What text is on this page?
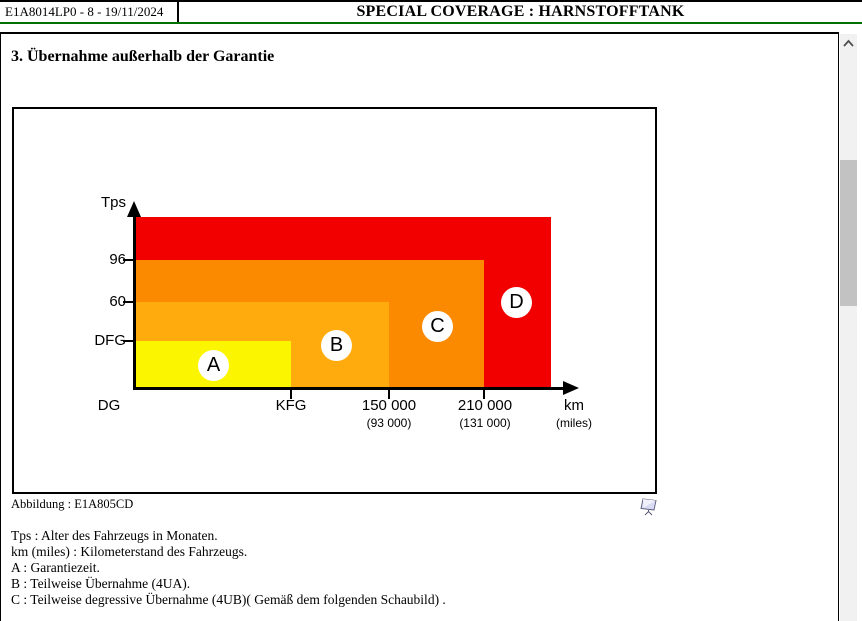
E1A8014LP0 - 8 - 19/11/2024	SPECIAL COVERAGE : HARNSTOFFTANK
3. Übernahme außerhalb der Garantie
Tps
96
60
DFG
DG	KFG	150 000
(93 000)
210 000
(131 000)
km
(miles)
A
B
C
D
Abbildung : E1A805CD
Tps : Alter des Fahrzeugs in Monaten.
km (miles) : Kilometerstand des Fahrzeugs.
A : Garantiezeit.
B : Teilweise Übernahme (4UA).
C : Teilweise degressive Übernahme (4UB)( Gemäß dem folgenden Schaubild) .
